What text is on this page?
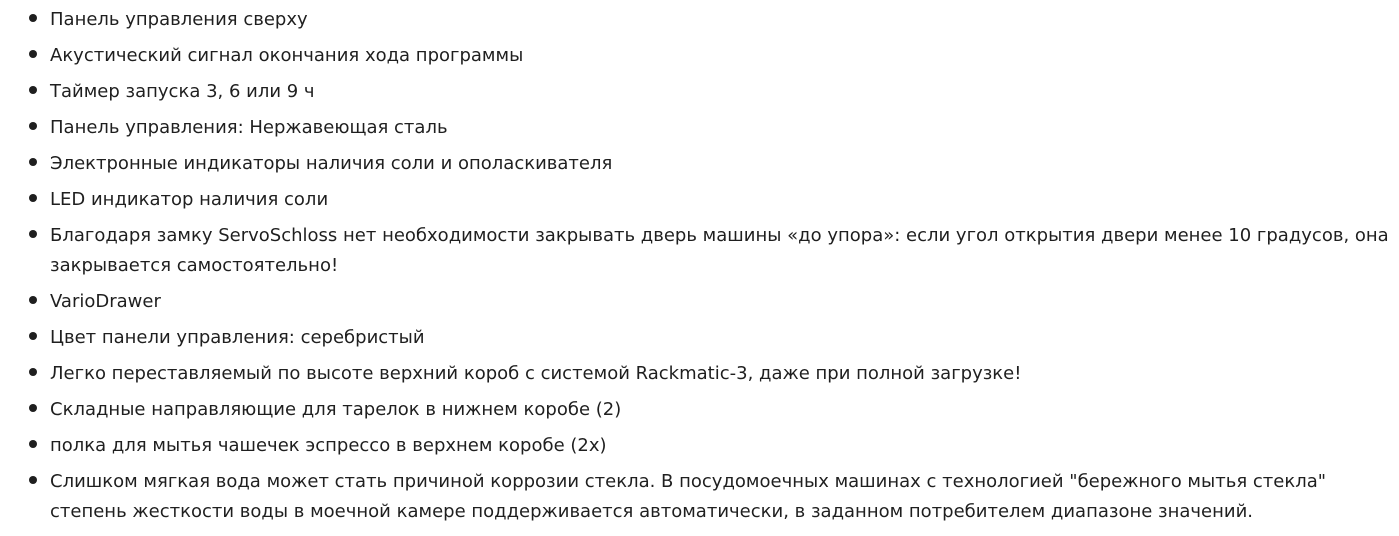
Панель управления сверху
Акустический сигнал окончания хода программы
Таймер запуска 3, 6 или 9 ч
Панель управления: Нержавеющая сталь
Электронные индикаторы наличия соли и ополаскивателя
LED индикатор наличия соли
Благодаря замку ServoSchloss нет необходимости закрывать дверь машины «до упора»: если угол открытия двери менее 10 градусов, она закрывается самостоятельно!
VarioDrawer
Цвет панели управления: серебристый
Легко переставляемый по высоте верхний короб с системой Rackmatic-3, даже при полной загрузке!
Складные направляющие для тарелок в нижнем коробе (2)
полка для мытья чашечек эспрессо в верхнем коробе (2x)
Слишком мягкая вода может стать причиной коррозии стекла. В посудомоечных машинах с технологией "бережного мытья стекла" степень жесткости воды в моечной камере поддерживается автоматически, в заданном потребителем диапазоне значений.
